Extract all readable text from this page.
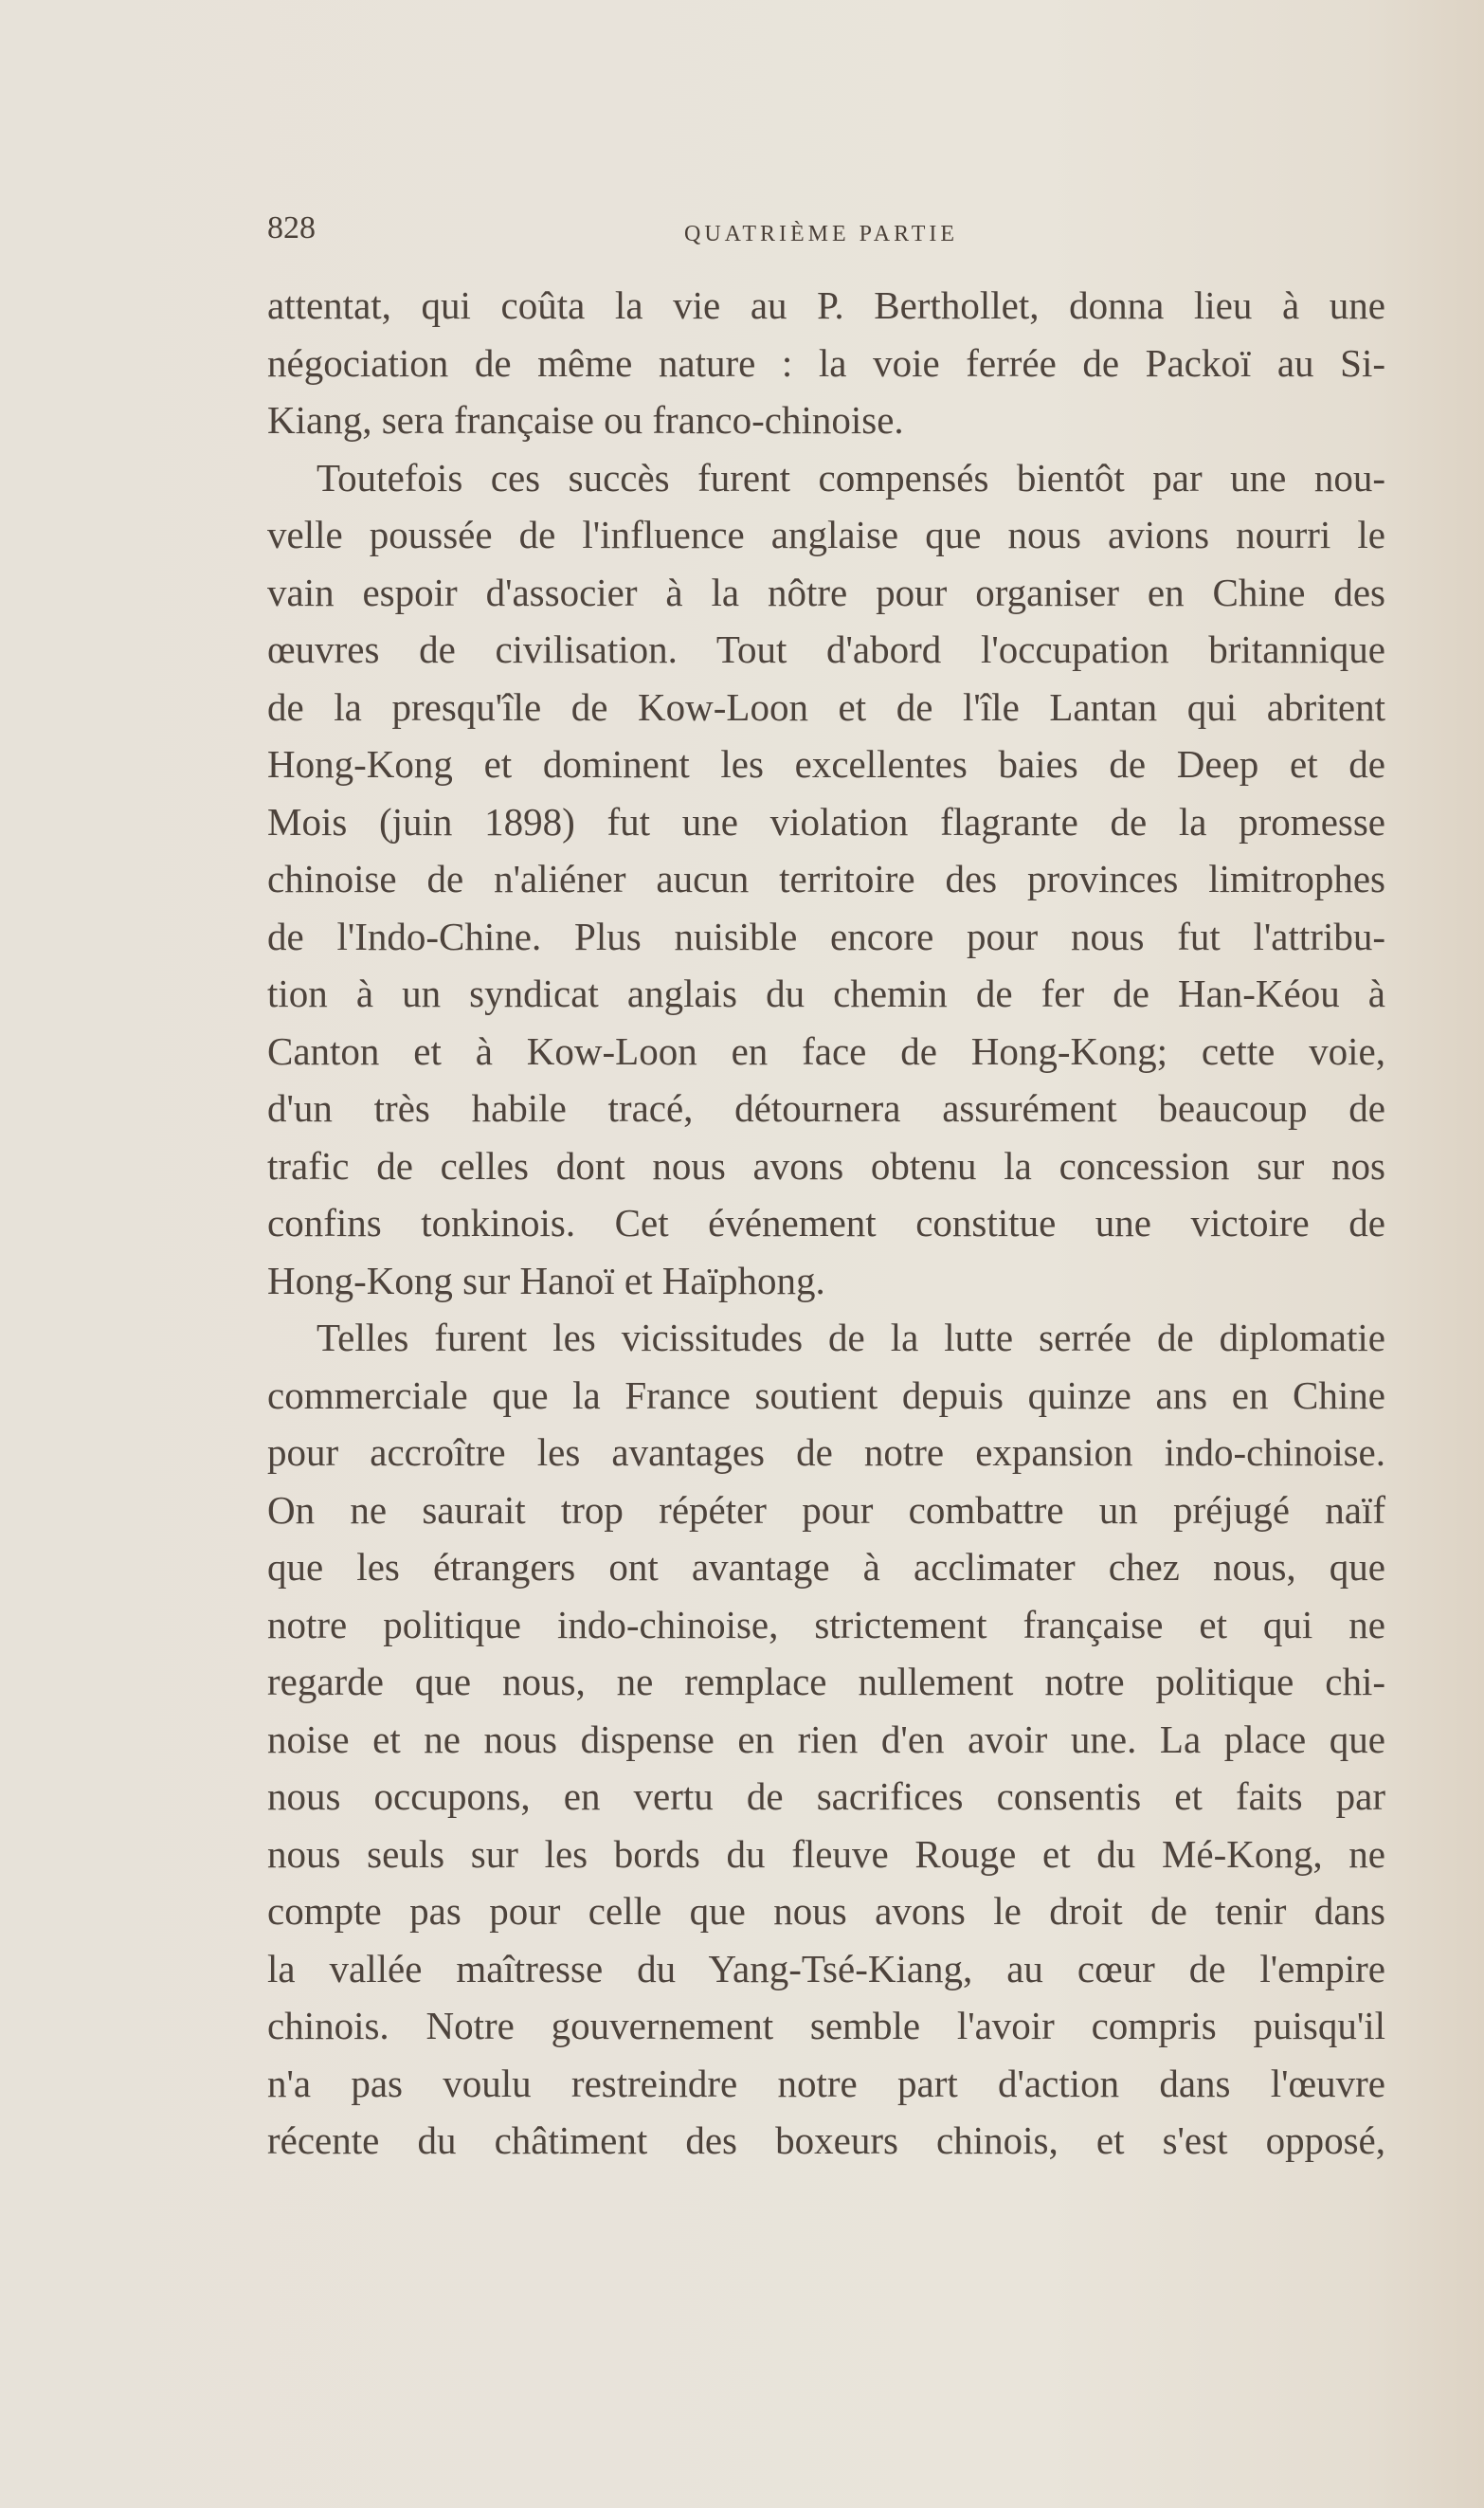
828	QUATRIÈME PARTIE
attentat, qui coûta la vie au P. Berthollet, donna lieu à une
négociation de même nature : la voie ferrée de Packoï au Si-
Kiang, sera française ou franco-chinoise.
Toutefois ces succès furent compensés bientôt par une nou-
velle poussée de l'influence anglaise que nous avions nourri le
vain espoir d'associer à la nôtre pour organiser en Chine des
œuvres de civilisation. Tout d'abord l'occupation britannique
de la presqu'île de Kow-Loon et de l'île Lantan qui abritent
Hong-Kong et dominent les excellentes baies de Deep et de
Mois (juin 1898) fut une violation flagrante de la promesse
chinoise de n'aliéner aucun territoire des provinces limitrophes
de l'Indo-Chine. Plus nuisible encore pour nous fut l'attribu-
tion à un syndicat anglais du chemin de fer de Han-Kéou à
Canton et à Kow-Loon en face de Hong-Kong; cette voie,
d'un très habile tracé, détournera assurément beaucoup de
trafic de celles dont nous avons obtenu la concession sur nos
confins tonkinois. Cet événement constitue une victoire de
Hong-Kong sur Hanoï et Haïphong.
Telles furent les vicissitudes de la lutte serrée de diplomatie
commerciale que la France soutient depuis quinze ans en Chine
pour accroître les avantages de notre expansion indo-chinoise.
On ne saurait trop répéter pour combattre un préjugé naïf
que les étrangers ont avantage à acclimater chez nous, que
notre politique indo-chinoise, strictement française et qui ne
regarde que nous, ne remplace nullement notre politique chi-
noise et ne nous dispense en rien d'en avoir une. La place que
nous occupons, en vertu de sacrifices consentis et faits par
nous seuls sur les bords du fleuve Rouge et du Mé-Kong, ne
compte pas pour celle que nous avons le droit de tenir dans
la vallée maîtresse du Yang-Tsé-Kiang, au cœur de l'empire
chinois. Notre gouvernement semble l'avoir compris puisqu'il
n'a pas voulu restreindre notre part d'action dans l'œuvre
récente du châtiment des boxeurs chinois, et s'est opposé,
